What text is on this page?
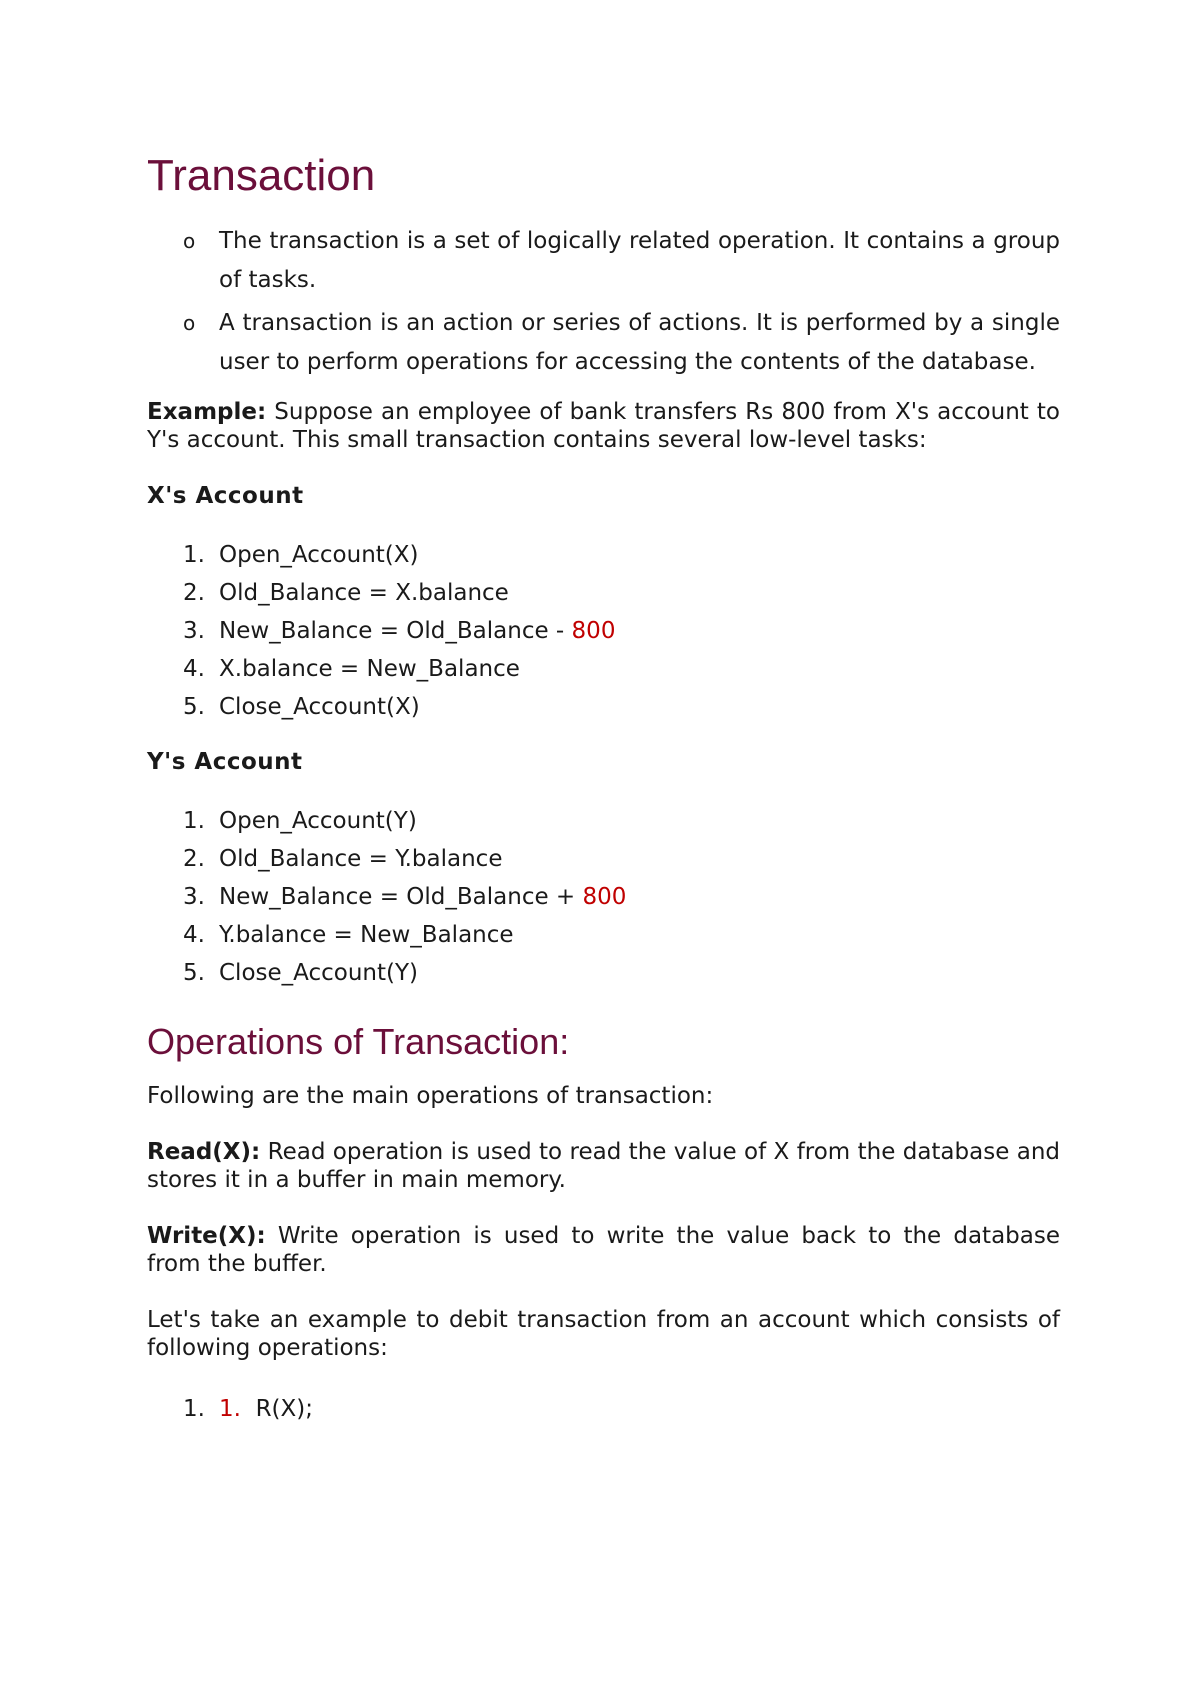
Transaction
o The transaction is a set of logically related operation. It contains a group of tasks.
o A transaction is an action or series of actions. It is performed by a single user to perform operations for accessing the contents of the database.

Example: Suppose an employee of bank transfers Rs 800 from X's account to Y's account. This small transaction contains several low-level tasks:

X's Account
1. Open_Account(X)
2. Old_Balance = X.balance
3. New_Balance = Old_Balance - 800
4. X.balance = New_Balance
5. Close_Account(X)
Y's Account
1. Open_Account(Y)
2. Old_Balance = Y.balance
3. New_Balance = Old_Balance + 800
4. Y.balance = New_Balance
5. Close_Account(Y)
Operations of Transaction:

Following are the main operations of transaction:

Read(X): Read operation is used to read the value of X from the database and stores it in a buffer in main memory.

Write(X): Write operation is used to write the value back to the database from the buffer.

Let's take an example to debit transaction from an account which consists of following operations:

1. 1.  R(X);
